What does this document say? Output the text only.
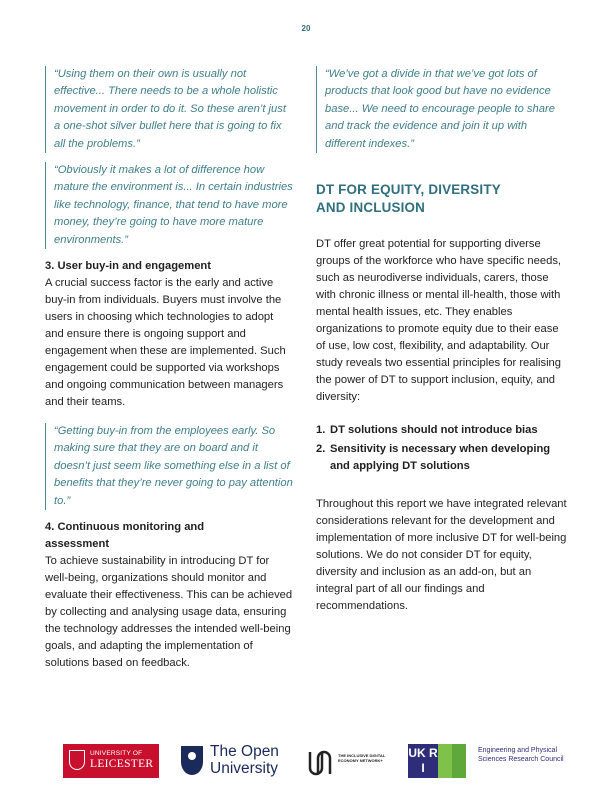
20

“Using them on their own is usually not effective... There needs to be a whole holistic movement in order to do it. So these aren’t just a one-shot silver bullet here that is going to fix all the problems.”

“Obviously it makes a lot of difference how mature the environment is... In certain industries like technology, finance, that tend to have more money, they’re going to have more mature environments.”

3. User buy-in and engagement

A crucial success factor is the early and active buy-in from individuals. Buyers must involve the users in choosing which technologies to adopt and ensure there is ongoing support and engagement when these are implemented. Such engagement could be supported via workshops and ongoing communication between managers and their teams.

“Getting buy-in from the employees early. So making sure that they are on board and it doesn’t just seem like something else in a list of benefits that they’re never going to pay attention to.”

4. Continuous monitoring and assessment

To achieve sustainability in introducing DT for well-being, organizations should monitor and evaluate their effectiveness. This can be achieved by collecting and analysing usage data, ensuring the technology addresses the intended well-being goals, and adapting the implementation of solutions based on feedback.

“We’ve got a divide in that we’ve got lots of products that look good but have no evidence base... We need to encourage people to share and track the evidence and join it up with different indexes.”

DT FOR EQUITY, DIVERSITY
AND INCLUSION

DT offer great potential for supporting diverse groups of the workforce who have specific needs, such as neurodiverse individuals, carers, those with chronic illness or mental ill-health, those with mental health issues, etc. They enables organizations to promote equity due to their ease of use, low cost, flexibility, and adaptability. Our study reveals two essential principles for realising the power of DT to support inclusion, equity, and diversity:

1. DT solutions should not introduce bias
2. Sensitivity is necessary when developing and applying DT solutions

Throughout this report we have integrated relevant considerations relevant for the development and implementation of more inclusive DT for well-being solutions. We do not consider DT for equity, diversity and inclusion as an add-on, but an integral part of all our findings and recommendations.

UNIVERSITY OF
LEICESTER
The Open
University
THE INCLUSIVE DIGITAL ECONOMY NETWORK+
UK RI
Engineering and Physical Sciences Research Council
